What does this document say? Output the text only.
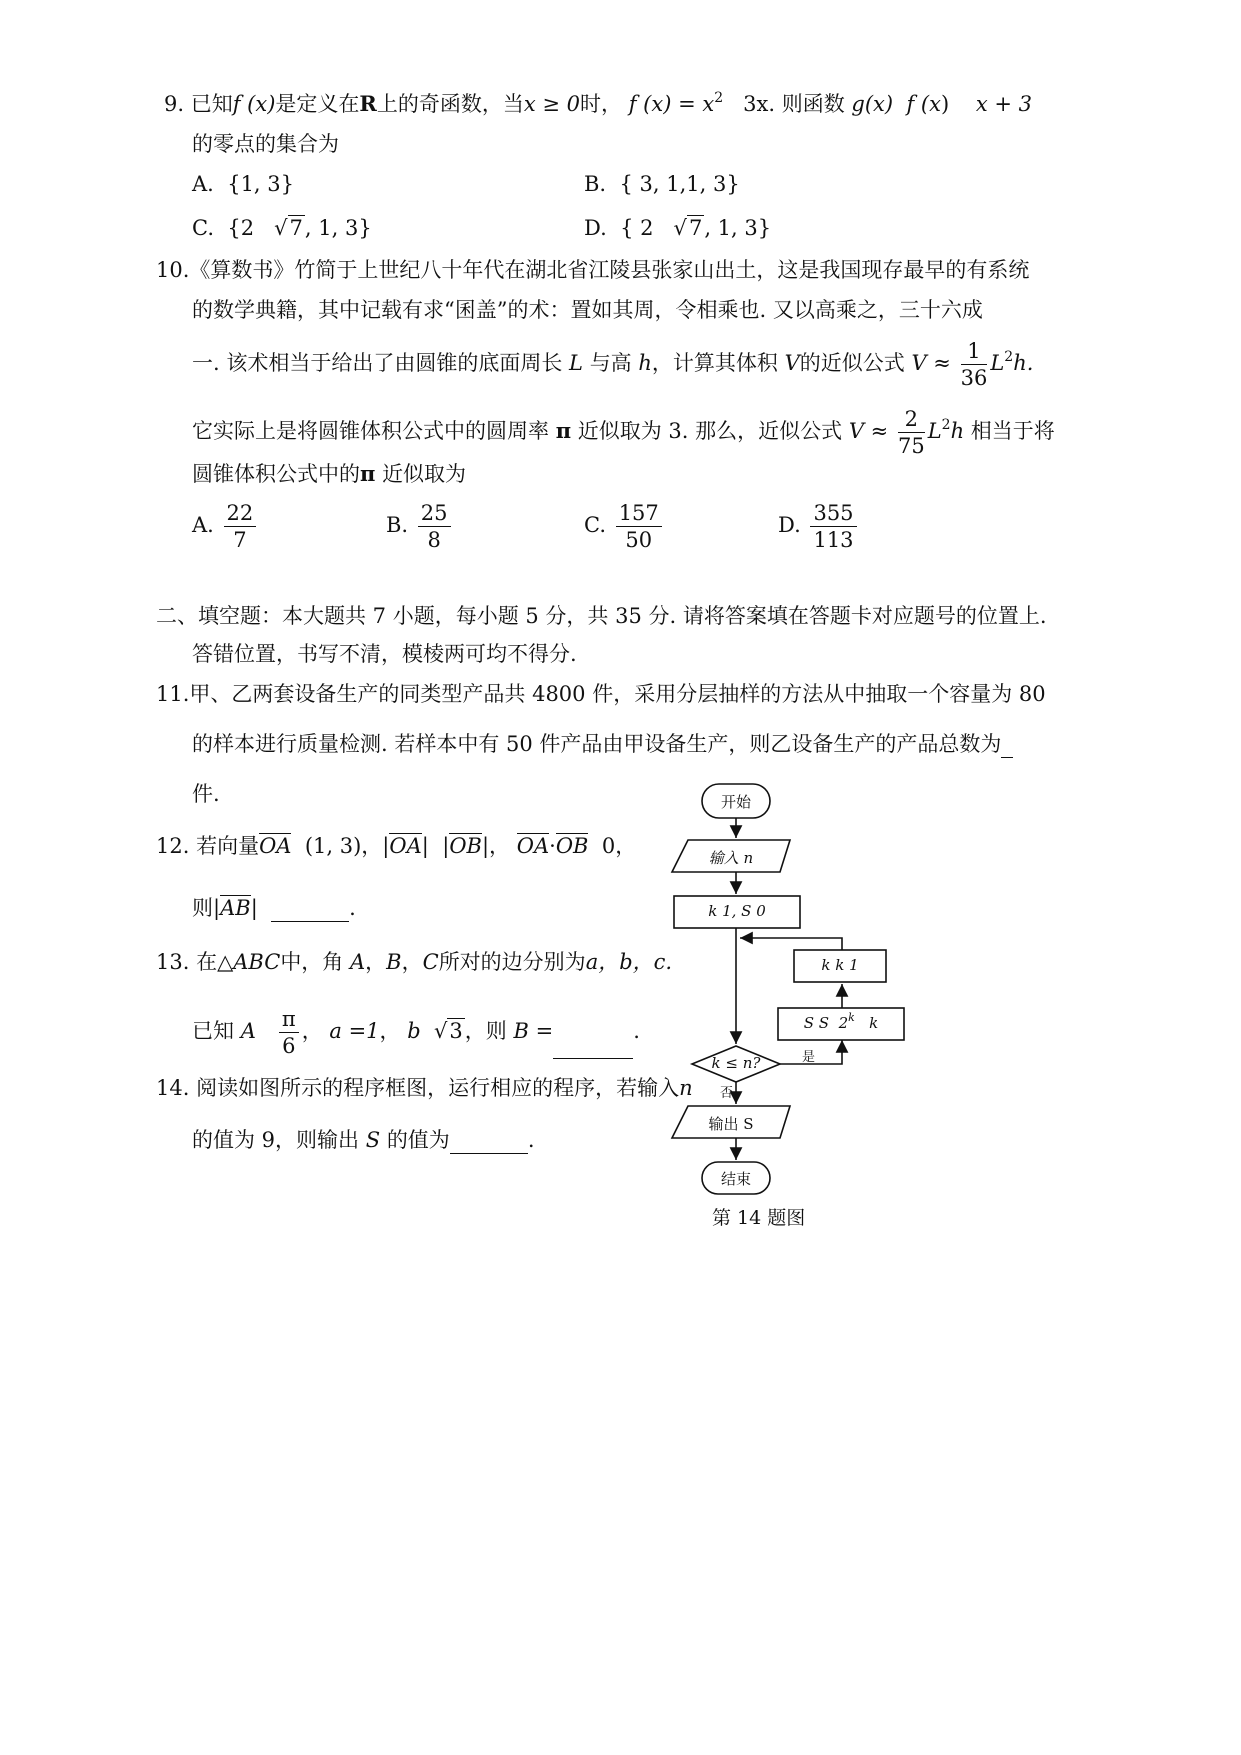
9. 已知f (x)是定义在R上的奇函数，当x ≥ 0时， f $(x) = x^2$ 3x. 则函数 g(x)  f (x)    x + 3
的零点的集合为
A. {1, 3}	B. { 3, 1,1, 3}
C. {2   √7, 1, 3}	D. { 2   √7, 1, 3}
10.《算数书》竹简于上世纪八十年代在湖北省江陵县张家山出土，这是我国现存最早的有系统
的数学典籍，其中记载有求“囷盖”的术：置如其周，令相乘也. 又以高乘之，三十六成
一. 该术相当于给出了由圆锥的底面周长 L 与高 h，计算其体积 V的近似公式 $V \approx \frac{1}{36} L^2h$.
它实际上是将圆锥体积公式中的圆周率 π 近似取为 3. 那么，近似公式 $V \approx \frac{2}{75} L^2h$ 相当于将
圆锥体积公式中的π 近似取为
A. $\frac{22}{7}$	B. $\frac{25}{8}$	C. $\frac{157}{50}$	D. $\frac{355}{113}$
二、填空题：本大题共 7 小题，每小题 5 分，共 35 分. 请将答案填在答题卡对应题号的位置上.
答错位置，书写不清，模棱两可均不得分.
11.甲、乙两套设备生产的同类型产品共 4800 件，采用分层抽样的方法从中抽取一个容量为 80
的样本进行质量检测. 若样本中有 50 件产品由甲设备生产，则乙设备生产的产品总数为
件.
12. 若向量OA (1, 3)，|OA|  |OB|， OA·OB 0，
则|AB|	.
13. 在△ABC中，角 A，B，C所对的边分别为a，b，c.
已知 A $\frac{\pi}{6}$ ， a =1， b  √3，则 B =	.
14. 阅读如图所示的程序框图，运行相应的程序，若输入n
的值为 9，则输出 S 的值为	.
开始
输入 n
k 1, S 0
k k 1
S S 2$^k$ k
k ≤ n?	是
否
输出 S
结束
第 14 题图
